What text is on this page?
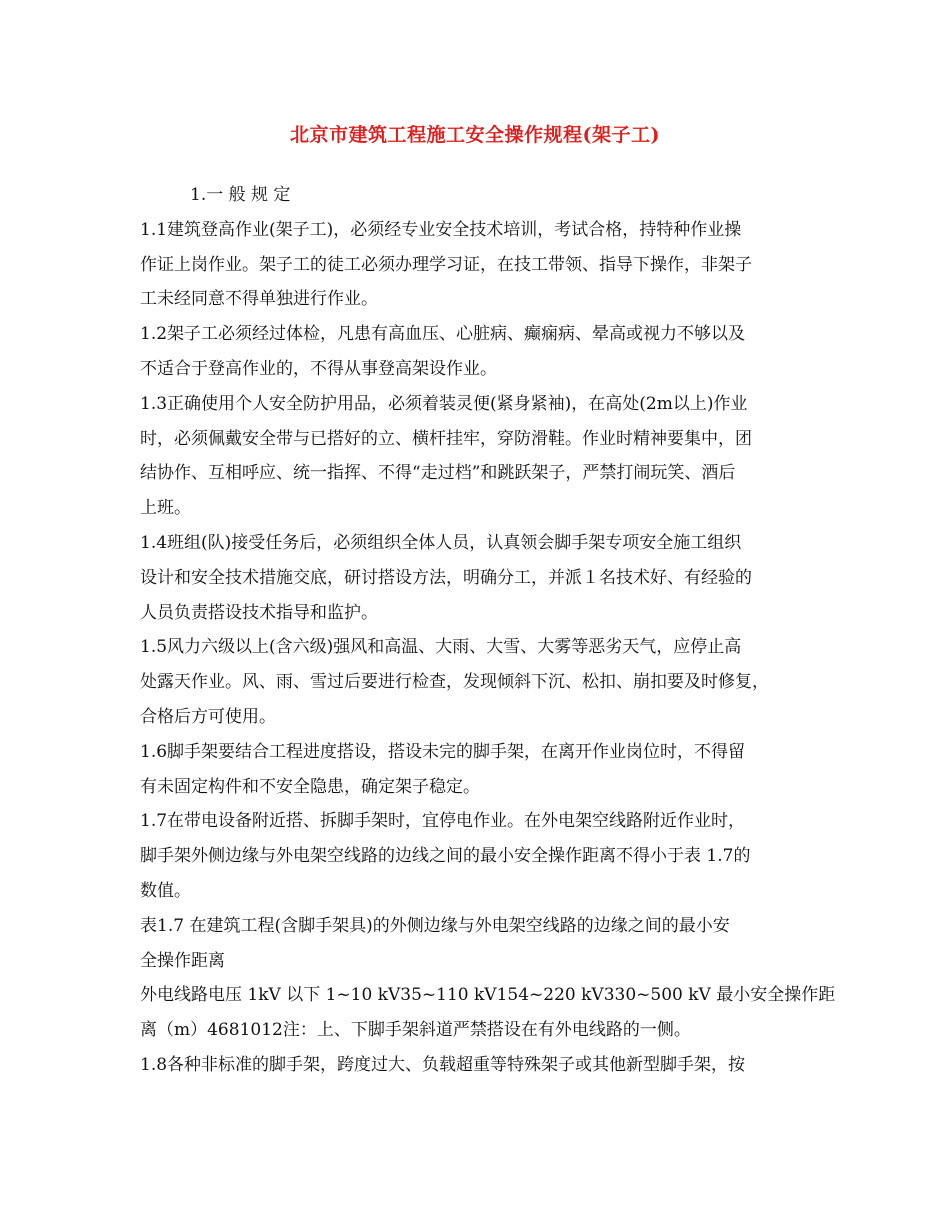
北京市建筑工程施工安全操作规程(架子工)
1.一 般 规 定
1.1建筑登高作业(架子工)，必须经专业安全技术培训，考试合格，持特种作业操
作证上岗作业。架子工的徒工必须办理学习证，在技工带领、指导下操作，非架子
工未经同意不得单独进行作业。
1.2架子工必须经过体检，凡患有高血压、心脏病、癫痫病、晕高或视力不够以及
不适合于登高作业的，不得从事登高架设作业。
1.3正确使用个人安全防护用品，必须着装灵便(紧身紧袖)，在高处(2m以上)作业
时，必须佩戴安全带与已搭好的立、横杆挂牢，穿防滑鞋。作业时精神要集中，团
结协作、互相呼应、统一指挥、不得“走过档”和跳跃架子，严禁打闹玩笑、酒后
上班。
1.4班组(队)接受任务后，必须组织全体人员，认真领会脚手架专项安全施工组织
设计和安全技术措施交底，研讨搭设方法，明确分工，并派１名技术好、有经验的
人员负责搭设技术指导和监护。
1.5风力六级以上(含六级)强风和高温、大雨、大雪、大雾等恶劣天气，应停止高
处露天作业。风、雨、雪过后要进行检查，发现倾斜下沉、松扣、崩扣要及时修复，
合格后方可使用。
1.6脚手架要结合工程进度搭设，搭设未完的脚手架，在离开作业岗位时，不得留
有未固定构件和不安全隐患，确定架子稳定。
1.7在带电设备附近搭、拆脚手架时，宜停电作业。在外电架空线路附近作业时，
脚手架外侧边缘与外电架空线路的边线之间的最小安全操作距离不得小于表 1.7的
数值。
表1.7 在建筑工程(含脚手架具)的外侧边缘与外电架空线路的边缘之间的最小安
全操作距离
外电线路电压 1kV 以下 1~10 kV35~110 kV154~220 kV330~500 kV 最小安全操作距
离（m）4681012注：上、下脚手架斜道严禁搭设在有外电线路的一侧。
1.8各种非标准的脚手架，跨度过大、负载超重等特殊架子或其他新型脚手架，按
